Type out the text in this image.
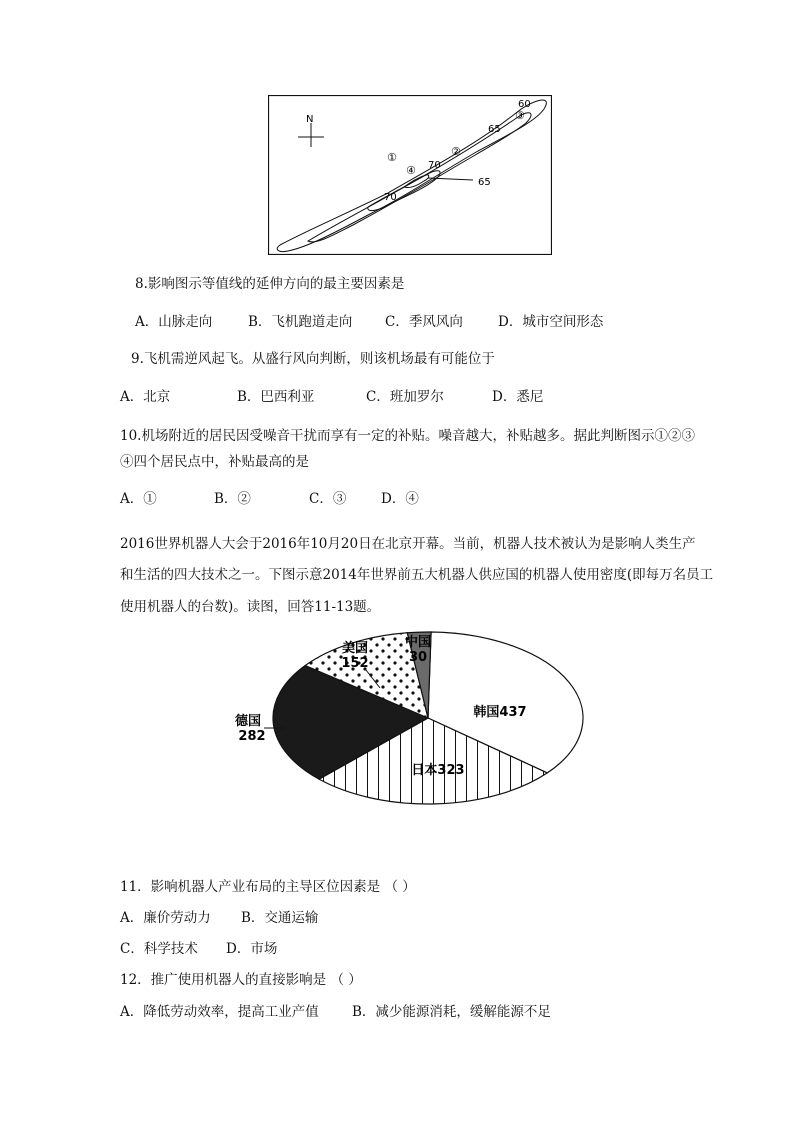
N
60
65
70
65
70
①	②
③
④
8.影响图示等值线的延伸方向的最主要因素是
A．山脉走向	B．飞机跑道走向 C．季风风向	D．城市空间形态
9.飞机需逆风起飞。从盛行风向判断，则该机场最有可能位于
A．北京	B．巴西利亚	C．班加罗尔	D．悉尼
10.机场附近的居民因受噪音干扰而享有一定的补贴。噪音越大，补贴越多。据此判断图示①②③
④四个居民点中，补贴最高的是
A．①	B．②	C．③	D．④
2016世界机器人大会于2016年10月20日在北京开幕。当前，机器人技术被认为是影响人类生产
和生活的四大技术之一。下图示意2014年世界前五大机器人供应国的机器人使用密度(即每万名员工
使用机器人的台数)。读图，回答11-13题。
韩国437
日本323
德国
282
美国
152
中国
30
11．影响机器人产业布局的主导区位因素是 （ ）
A．廉价劳动力 B．交通运输
C．科学技术 D．市场
12．推广使用机器人的直接影响是 （ ）
A．降低劳动效率，提高工业产值 B．减少能源消耗，缓解能源不足
